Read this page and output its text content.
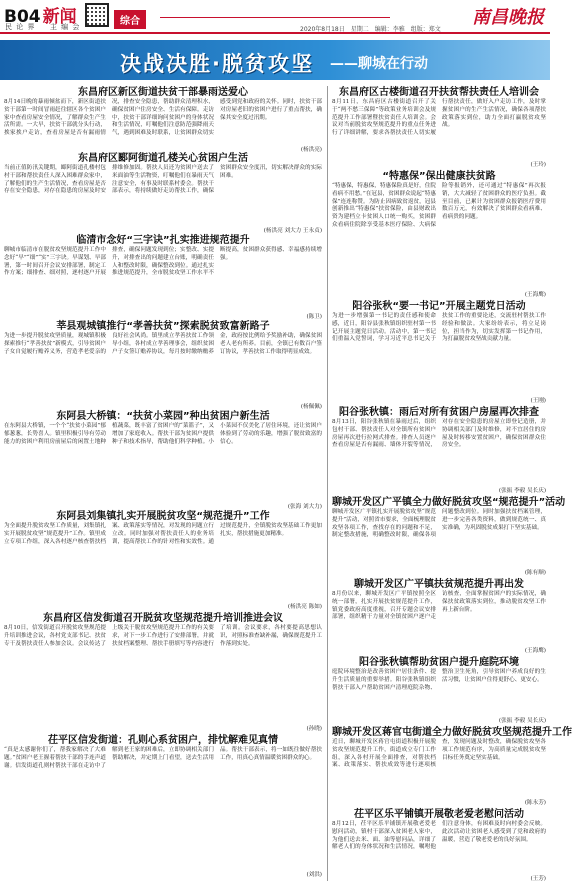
B04 新闻
民 论 界 　 主 编 会	综合
2020年8月18日　星期二　编辑：李雅　组版：郑文
南昌晚报
决战决胜·脱贫攻坚 ——聊城在行动
东昌府区新区街道扶贫干部暴雨送爱心
8月14日晚的暴雨倾盆而下，新区街道扶贫干部第一时间冒雨赶往辖区各个贫困户家中查看房屋安全情况，了解群众生产生活所需。一大早，扶贫干部就分头行动，挨家挨户走访，查看房屋是否有漏雨情况，排查安全隐患，帮助群众清理积水，确保贫困户住房安全、生活有保障。走访中，扶贫干部详细询问贫困户的身体状况和生活情况，叮嘱他们注意防范强降雨天气，遇到困难及时联系，让贫困群众切实感受到党和政府的关怀。同时，扶贫干部对房屋老旧的贫困户进行了重点帮扶，确保其安全度过汛期。
(杨洪亮)
东昌府区郾阿街道孔楼关心贫困户生活
当前正值防汛关键期，郾阿街道孔楼村包村干部和帮扶责任人深入困难群众家中，了解他们的生产生活情况，查看房屋是否存在安全隐患，对存在隐患的房屋及时安排维修加固。帮扶人员还为贫困户送去了米面油等生活物资，叮嘱他们在暴雨天气注意安全，有事及时联系村委会。帮扶干部表示，将持续做好走访帮扶工作，确保贫困群众安全度汛，切实解决群众的实际困难。
(杨洪亮 刘大力 王永贞)
临清市念好“三字诀”扎实推进规范提升
聊城市临清市在脱贫攻坚规范提升工作中念好“早”“细”“实”三字诀。早谋划、早部署，第一时间召开会议安排部署，制定工作方案；细排查、细对照，逐村逐户开展排查，确保问题发现到位；实整改、实提升，对排查出的问题建立台账，明确责任人和整改时限，确保整改到位。通过扎实推进规范提升，全市脱贫攻坚工作水平不断提高，贫困群众获得感、幸福感持续增强。
(陈卫)
莘县观城镇推行“孝善扶贫”探索脱贫致富新路子
为进一步提升脱贫攻坚质量，观城镇积极探索推行“孝善扶贫”新模式，引导贫困户子女自觉履行赡养义务，营造孝老爱亲的良好社会风尚。镇里成立孝善扶贫工作领导小组，各村成立孝善理事会，组织贫困户子女签订赡养协议，每月按时缴纳赡养金，政府按比例给予奖励补助，确保贫困老人老有所养。目前，全镇已有数百户签订协议，孝善扶贫工作取得明显成效。
(杨佩佩)
东阿县大桥镇：“扶贫小菜园”种出贫困户新生活
在东阿县大桥镇，一个个“扶贫小菜园”郁郁葱葱，长势喜人。镇里积极引导有劳动能力的贫困户利用房前屋后的闲置土地种植蔬菜，既丰富了贫困户的“菜篮子”，又增加了家庭收入。帮扶干部为贫困户提供种子和技术指导，帮助他们科学种植。小小菜园不仅美化了居住环境，还让贫困户体验到了劳动的乐趣，增强了脱贫致富的信心。
(张海 刘大力)
东阿县刘集镇扎实开展脱贫攻坚“规范提升”工作
为全面提升脱贫攻坚工作质量，刘集镇扎实开展脱贫攻坚“规范提升”工作。镇里成立专项工作组，深入各村逐户核查帮扶档案、政策落实等情况，对发现的问题立行立改。同时加强对帮扶责任人的业务培训，提高帮扶工作的针对性和实效性。通过规范提升，全镇脱贫攻坚基础工作更加扎实，帮扶措施更加精准。
(杨洪亮 陈如)
东昌府区信发街道召开脱贫攻坚规范提升培训推进会议
8月10日，信发街道召开脱贫攻坚规范提升培训推进会议，各村党支部书记、扶贫专干及帮扶责任人参加会议。会议传达了上级关于脱贫攻坚规范提升工作的有关要求，对下一步工作进行了安排部署，并就扶贫档案整理、帮扶手册填写等内容进行了培训。会议要求，各村要提高思想认识，对照标准查缺补漏，确保规范提升工作落到实处。
(孙晓)
茌平区信发街道：孔则心系贫困户，排忧解难见真情
“真是太感谢你们了，帮我家解决了大难题。”贫困户老王握着帮扶干部的手连声道谢。信发街道孔则村帮扶干部在走访中了解到老王家的困难后，立即协调相关部门帮助解决，并定期上门看望，送去生活用品。帮扶干部表示，将一如既往做好帮扶工作，用真心真情温暖贫困群众的心。
(刘洪)
东昌府区古楼街道召开扶贫帮扶责任人培训会
8月11日，东昌府区古楼街道召开了关于“两不愁三保障”等政策业务培训会及规范提升工作部署暨扶贫责任人培训会。会议对当前脱贫攻坚规范提升的重点任务进行了详细讲解，要求各帮扶责任人切实履行帮扶责任，做好入户走访工作，及时掌握贫困户的生产生活情况，确保各项帮扶政策落实到位，助力全面打赢脱贫攻坚战。
(王玲)
“特惠保”保出健康扶贫路
“特惠保，特惠保，特惠保险真是好，住院看病不用愁。”在冠县，贫困群众说起“特惠保”连连称赞。为防止因病致贫返贫，冠县创新推出“特惠保”扶贫保险，由县财政出资为建档立卡贫困人口统一购买，贫困群众看病住院除享受基本医疗保险、大病保险等报销外，还可通过“特惠保”再次报销，大大减轻了贫困群众的医疗负担。截至目前，已累计为贫困群众报销医疗费用数百万元，有效解决了贫困群众看病难、看病贵的问题。
(王海鹰)
阳谷张秋“要一书记”开展主题党日活动
为进一步增强第一书记的责任感和使命感，近日，阳谷县张秋镇组织驻村第一书记开展主题党日活动。活动中，第一书记们重温入党誓词，学习习近平总书记关于扶贫工作的重要论述，交流驻村帮扶工作经验和做法。大家纷纷表示，将立足岗位，担当作为，切实发挥第一书记作用，为打赢脱贫攻坚战贡献力量。
(王刚)
阳谷张秋镇：雨后对所有贫困户房屋再次排查
8月13日，阳谷张秋镇在暴雨过后，组织包村干部、帮扶责任人对全镇所有贫困户房屋再次进行拉网式排查。排查人员逐户查看房屋是否有漏雨、墙体开裂等情况，对存在安全隐患的房屋立即登记造册，并协调相关部门及时维修，对不宜居住的房屋及时转移安置贫困户，确保贫困群众住房安全。
(张振 李毅 吴长庆)
聊城开发区广平镇全力做好脱贫攻坚“规范提升”活动
聊城开发区广平镇扎实开展脱贫攻坚“规范提升”活动，对照省市要求，全面梳理脱贫攻坚各项工作，查找存在的问题和不足，制定整改措施，明确整改时限，确保各项问题整改到位。同时加强扶贫档案管理，进一步完善各类资料，做到规范统一、真实准确，为巩固脱贫成果打下坚实基础。
(陈有顺)
聊城开发区广平镇扶贫规范提升再出发
8月份以来，聊城开发区广平镇按照全区统一部署，扎实开展扶贫规范提升工作，镇党委政府高度重视，召开专题会议安排部署，组织精干力量对全镇贫困户逐户走访核查，全面掌握贫困户的实际情况，确保扶贫政策落实到位，推动脱贫攻坚工作再上新台阶。
(王海鹰)
阳谷张秋镇帮助贫困户提升庭院环境
庭院环境整治是改善贫困户居住条件、提升生活质量的重要举措。阳谷张秋镇组织帮扶干部入户帮助贫困户清理庭院杂物、整治卫生死角，引导贫困户养成良好的生活习惯，让贫困户住得更舒心、更安心。
(张振 李毅 吴长庆)
聊城开发区蒋官屯街道全力做好脱贫攻坚规范提升工作
近日，聊城开发区蒋官屯街道积极开展脱贫攻坚规范提升工作，街道成立专门工作组，深入各村开展全面排查，对帮扶档案、政策落实、帮扶成效等进行逐项核查，发现问题及时整改，确保脱贫攻坚各项工作规范有序，为高质量完成脱贫攻坚目标任务奠定坚实基础。
(陈永芳)
茌平区乐平铺镇开展敬老爱老慰问活动
8月12日，茌平区乐平铺镇开展敬老爱老慰问活动，镇村干部深入贫困老人家中，为他们送去米、面、油等慰问品，详细了解老人们的身体状况和生活情况，嘱咐他们注意身体，有困难及时向村委会反映。此次活动让贫困老人感受到了党和政府的温暖，营造了敬老爱老的良好氛围。
(王芳)
